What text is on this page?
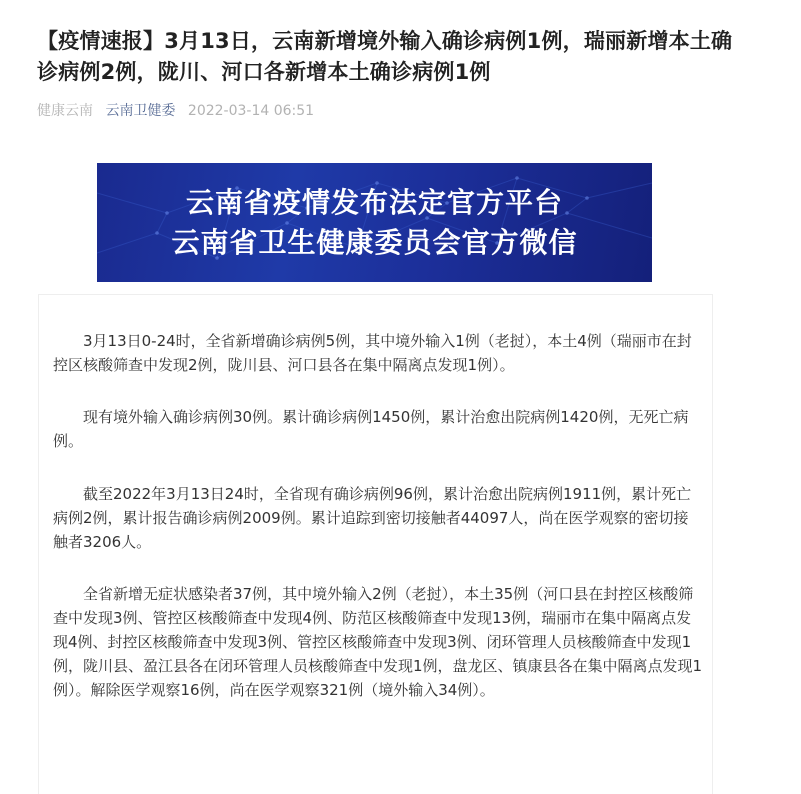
【疫情速报】3月13日，云南新增境外输入确诊病例1例，瑞丽新增本土确诊病例2例，陇川、河口各新增本土确诊病例1例
健康云南 云南卫健委 2022-03-14 06:51
云南省疫情发布法定官方平台
云南省卫生健康委员会官方微信

3月13日0-24时，全省新增确诊病例5例，其中境外输入1例（老挝），本土4例（瑞丽市在封控区核酸筛查中发现2例，陇川县、河口县各在集中隔离点发现1例）。

现有境外输入确诊病例30例。累计确诊病例1450例，累计治愈出院病例1420例，无死亡病例。

截至2022年3月13日24时，全省现有确诊病例96例，累计治愈出院病例1911例，累计死亡病例2例，累计报告确诊病例2009例。累计追踪到密切接触者44097人，尚在医学观察的密切接触者3206人。

全省新增无症状感染者37例，其中境外输入2例（老挝），本土35例（河口县在封控区核酸筛查中发现3例、管控区核酸筛查中发现4例、防范区核酸筛查中发现13例，瑞丽市在集中隔离点发现4例、封控区核酸筛查中发现3例、管控区核酸筛查中发现3例、闭环管理人员核酸筛查中发现1例，陇川县、盈江县各在闭环管理人员核酸筛查中发现1例，盘龙区、镇康县各在集中隔离点发现1例）。解除医学观察16例，尚在医学观察321例（境外输入34例）。
